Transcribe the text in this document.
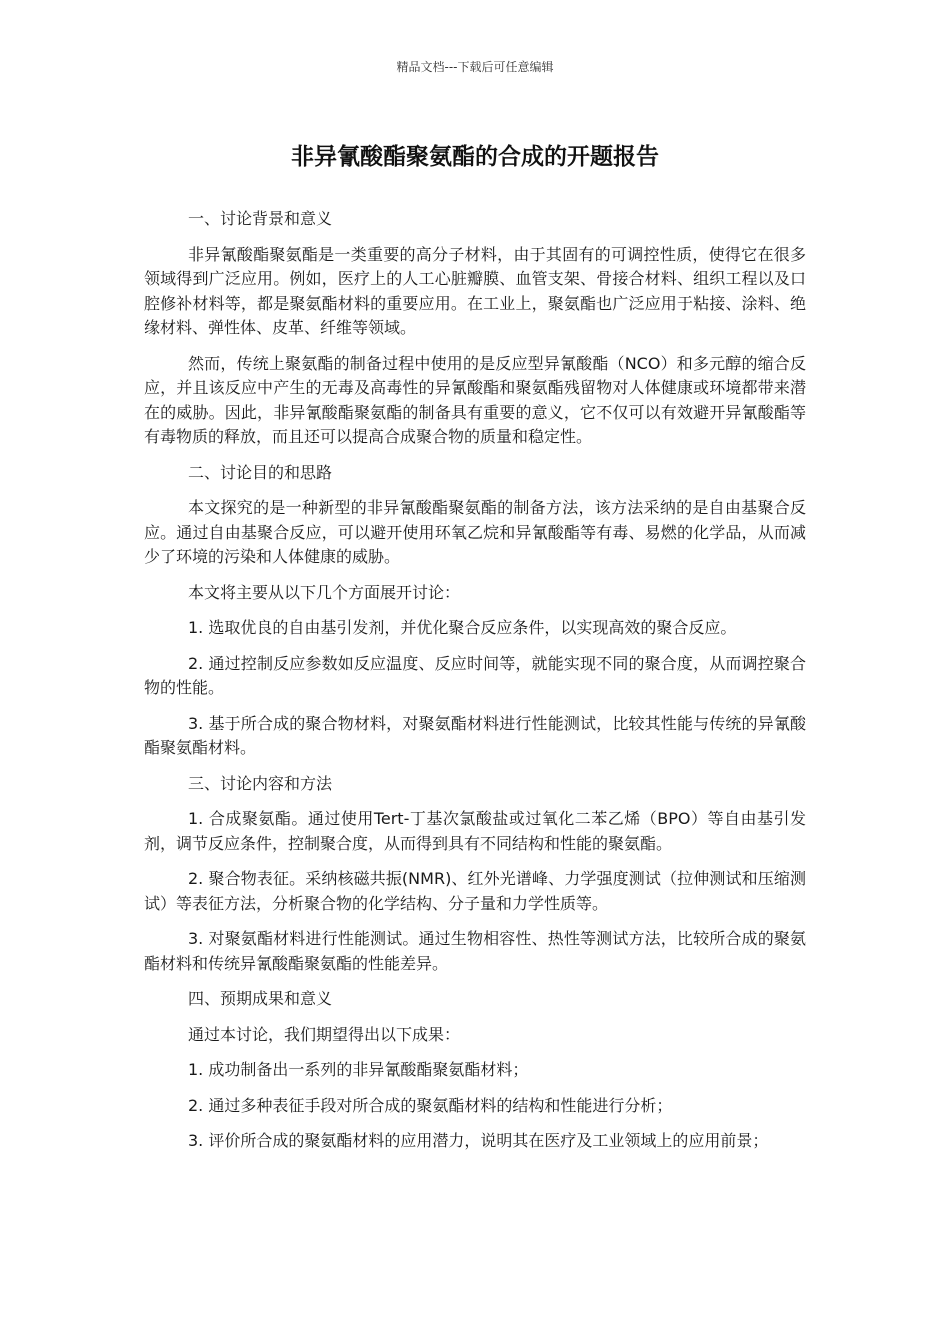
精品文档---下载后可任意编辑
非异氰酸酯聚氨酯的合成的开题报告

一、讨论背景和意义

非异氰酸酯聚氨酯是一类重要的高分子材料，由于其固有的可调控性质，使得它在很多领域得到广泛应用。例如，医疗上的人工心脏瓣膜、血管支架、骨接合材料、组织工程以及口腔修补材料等，都是聚氨酯材料的重要应用。在工业上，聚氨酯也广泛应用于粘接、涂料、绝缘材料、弹性体、皮革、纤维等领域。

然而，传统上聚氨酯的制备过程中使用的是反应型异氰酸酯（NCO）和多元醇的缩合反应，并且该反应中产生的无毒及高毒性的异氰酸酯和聚氨酯残留物对人体健康或环境都带来潜在的威胁。因此，非异氰酸酯聚氨酯的制备具有重要的意义，它不仅可以有效避开异氰酸酯等有毒物质的释放，而且还可以提高合成聚合物的质量和稳定性。

二、讨论目的和思路

本文探究的是一种新型的非异氰酸酯聚氨酯的制备方法，该方法采纳的是自由基聚合反应。通过自由基聚合反应，可以避开使用环氧乙烷和异氰酸酯等有毒、易燃的化学品，从而减少了环境的污染和人体健康的威胁。

本文将主要从以下几个方面展开讨论：

1. 选取优良的自由基引发剂，并优化聚合反应条件，以实现高效的聚合反应。

2. 通过控制反应参数如反应温度、反应时间等，就能实现不同的聚合度，从而调控聚合物的性能。

3. 基于所合成的聚合物材料，对聚氨酯材料进行性能测试，比较其性能与传统的异氰酸酯聚氨酯材料。

三、讨论内容和方法

1. 合成聚氨酯。通过使用Tert-丁基次氯酸盐或过氧化二苯乙烯（BPO）等自由基引发剂，调节反应条件，控制聚合度，从而得到具有不同结构和性能的聚氨酯。

2. 聚合物表征。采纳核磁共振(NMR)、红外光谱峰、力学强度测试（拉伸测试和压缩测试）等表征方法，分析聚合物的化学结构、分子量和力学性质等。

3. 对聚氨酯材料进行性能测试。通过生物相容性、热性等测试方法，比较所合成的聚氨酯材料和传统异氰酸酯聚氨酯的性能差异。

四、预期成果和意义

通过本讨论，我们期望得出以下成果：

1. 成功制备出一系列的非异氰酸酯聚氨酯材料；

2. 通过多种表征手段对所合成的聚氨酯材料的结构和性能进行分析；

3. 评价所合成的聚氨酯材料的应用潜力，说明其在医疗及工业领域上的应用前景；
